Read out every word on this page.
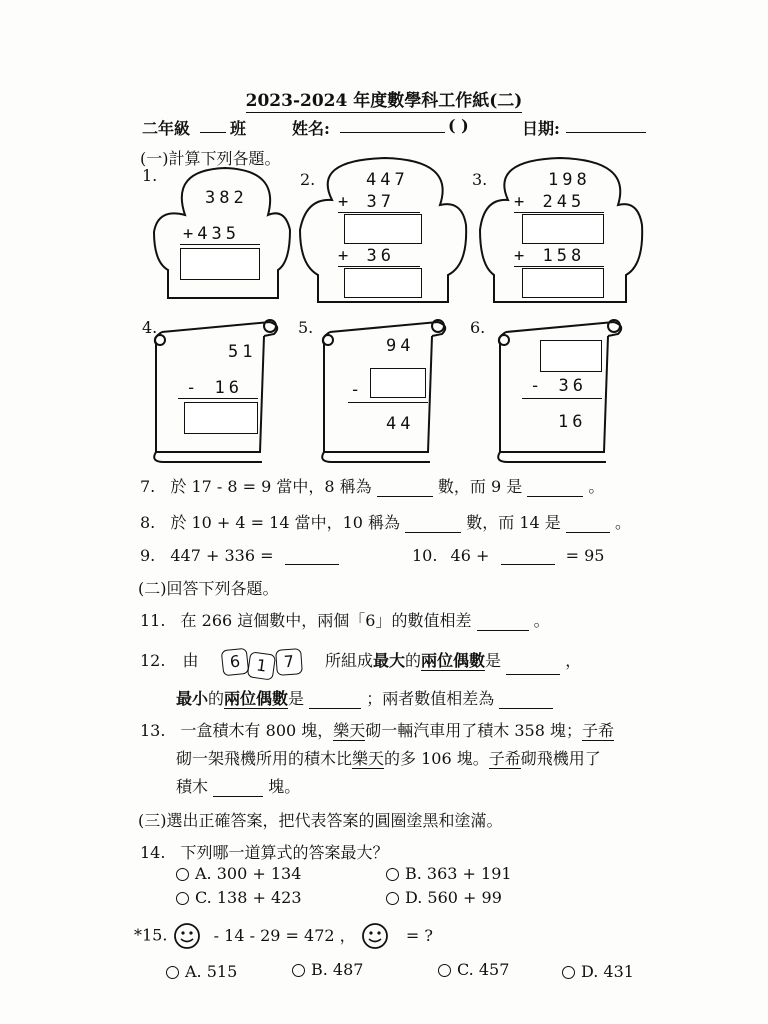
2023-2024 年度數學科工作紙(二)
二年級 班	姓名:	( )	日期:
(一)計算下列各題。
1.
382
+435
2.	447
+ 37
+ 36
3.	198
+ 245
+ 158
4.
51
- 16
5.
94
-
44
6.
- 36
16
7. 於 17 - 8 = 9 當中，8 稱為	數，而 9 是	。
8. 於 10 + 4 = 14 當中，10 稱為	數，而 14 是	。
9. 447 + 336 =	10. 46 +	= 95
(二)回答下列各題。
11. 在 266 這個數中，兩個「6」的數值相差	。
12. 由 6 1 7 所組成最大的兩位偶數是	，
最小的兩位偶數是	；兩者數值相差為
13. 一盒積木有 800 塊，樂天砌一輛汽車用了積木 358 塊；子希
砌一架飛機所用的積木比樂天的多 106 塊。子希砌飛機用了
積木	塊。
(三)選出正確答案，把代表答案的圓圈塗黑和塗滿。
14. 下列哪一道算式的答案最大？
A. 300 + 134	B. 363 + 191
C. 138 + 423	D. 560 + 99
*15.	- 14 - 29 = 472 ，	= ?
A. 515	B. 487	C. 457	D. 431
